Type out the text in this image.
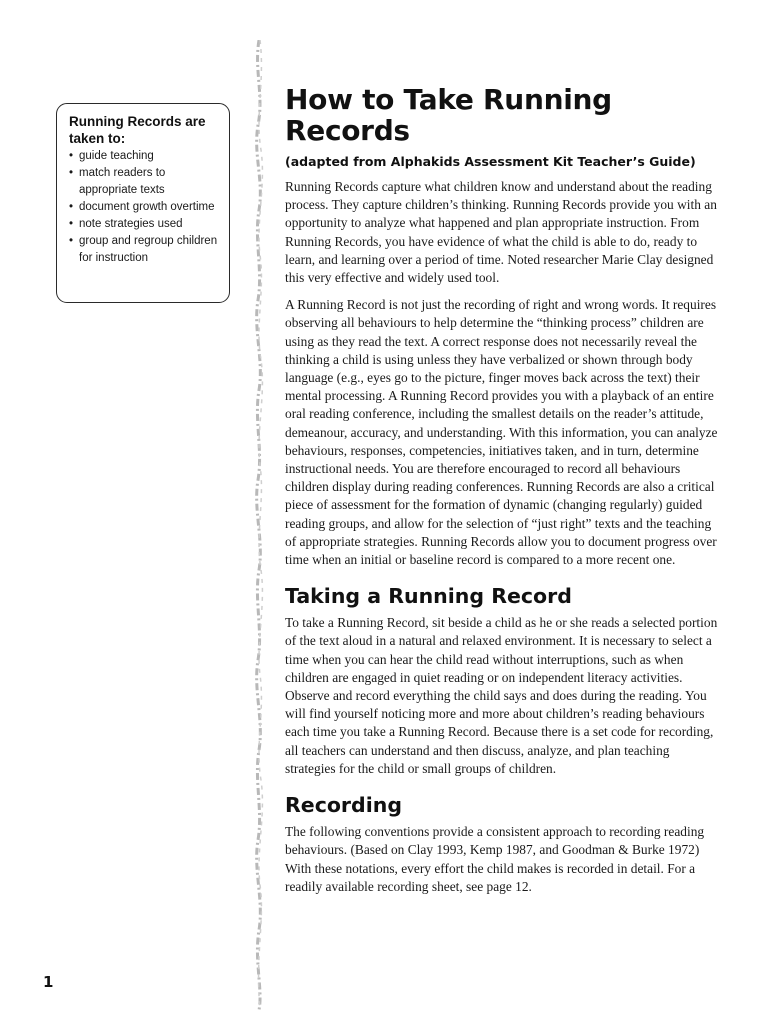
Running Records are taken to:

• guide teaching
• match readers to appropriate texts
• document growth overtime
• note strategies used
• group and regroup children for instruction
How to Take Running Records

(adapted from Alphakids Assessment Kit Teacher’s Guide)

Running Records capture what children know and understand about the reading process. They capture children’s thinking. Running Records provide you with an opportunity to analyze what happened and plan appropriate instruction. From Running Records, you have evidence of what the child is able to do, ready to learn, and learning over a period of time. Noted researcher Marie Clay designed this very effective and widely used tool.

A Running Record is not just the recording of right and wrong words. It requires observing all behaviours to help determine the “thinking process” children are using as they read the text. A correct response does not necessarily reveal the thinking a child is using unless they have verbalized or shown through body language (e.g., eyes go to the picture, finger moves back across the text) their mental processing. A Running Record provides you with a playback of an entire oral reading conference, including the smallest details on the reader’s attitude, demeanour, accuracy, and understanding. With this information, you can analyze behaviours, responses, competencies, initiatives taken, and in turn, determine instructional needs. You are therefore encouraged to record all behaviours children display during reading conferences. Running Records are also a critical piece of assessment for the formation of dynamic (changing regularly) guided reading groups, and allow for the selection of “just right” texts and the teaching of appropriate strategies. Running Records allow you to document progress over time when an initial or baseline record is compared to a more recent one.

Taking a Running Record

To take a Running Record, sit beside a child as he or she reads a selected portion of the text aloud in a natural and relaxed environment. It is necessary to select a time when you can hear the child read without interruptions, such as when children are engaged in quiet reading or on independent literacy activities. Observe and record everything the child says and does during the reading. You will find yourself noticing more and more about children’s reading behaviours each time you take a Running Record. Because there is a set code for recording, all teachers can understand and then discuss, analyze, and plan teaching strategies for the child or small groups of children.

Recording

The following conventions provide a consistent approach to recording reading behaviours. (Based on Clay 1993, Kemp 1987, and Goodman & Burke 1972) With these notations, every effort the child makes is recorded in detail. For a readily available recording sheet, see page 12.

1
